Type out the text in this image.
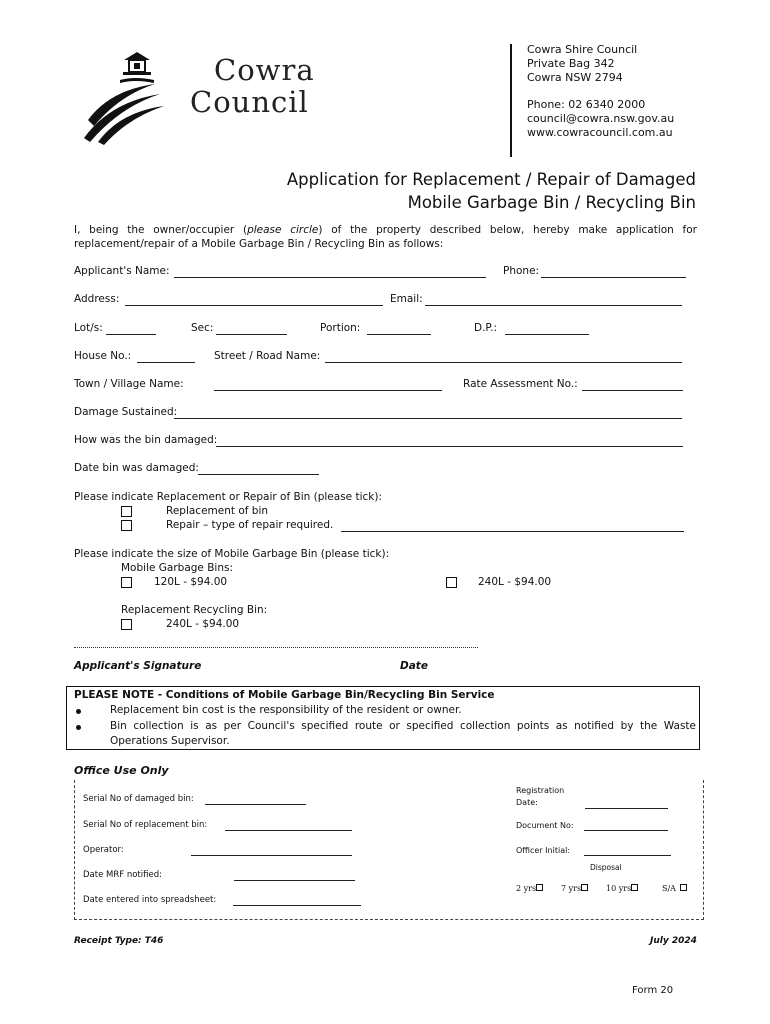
Cowra
Council
Cowra Shire Council
Private Bag 342
Cowra NSW 2794
Phone: 02 6340 2000
council@cowra.nsw.gov.au
www.cowracouncil.com.au
Application for Replacement / Repair of Damaged
Mobile Garbage Bin / Recycling Bin
I, being the owner/occupier (please circle) of the property described below, hereby make application for replacement/repair of a Mobile Garbage Bin / Recycling Bin as follows:
Applicant's Name:	Phone:
Address:	Email:
Lot/s:	Sec:	Portion:	D.P.:
House No.:	Street / Road Name:
Town / Village Name:	Rate Assessment No.:
Damage Sustained:
How was the bin damaged:
Date bin was damaged:
Please indicate Replacement or Repair of Bin (please tick):
Replacement of bin
Repair – type of repair required.
Please indicate the size of Mobile Garbage Bin (please tick):
Mobile Garbage Bins:
120L - $94.00	240L - $94.00
Replacement Recycling Bin:
240L - $94.00
Applicant's Signature	Date
PLEASE NOTE - Conditions of Mobile Garbage Bin/Recycling Bin Service
Replacement bin cost is the responsibility of the resident or owner.
Bin collection is as per Council's specified route or specified collection points as notified by the Waste
Operations Supervisor.
Office Use Only
Serial No of damaged bin:
Serial No of replacement bin:
Operator:
Date MRF notified:
Date entered into spreadsheet:
Registration
Date:
Document No:
Officer Initial:
Disposal
2 yrs	7 yrs	10 yrs	S/A
Receipt Type: T46	July 2024
Form 20
